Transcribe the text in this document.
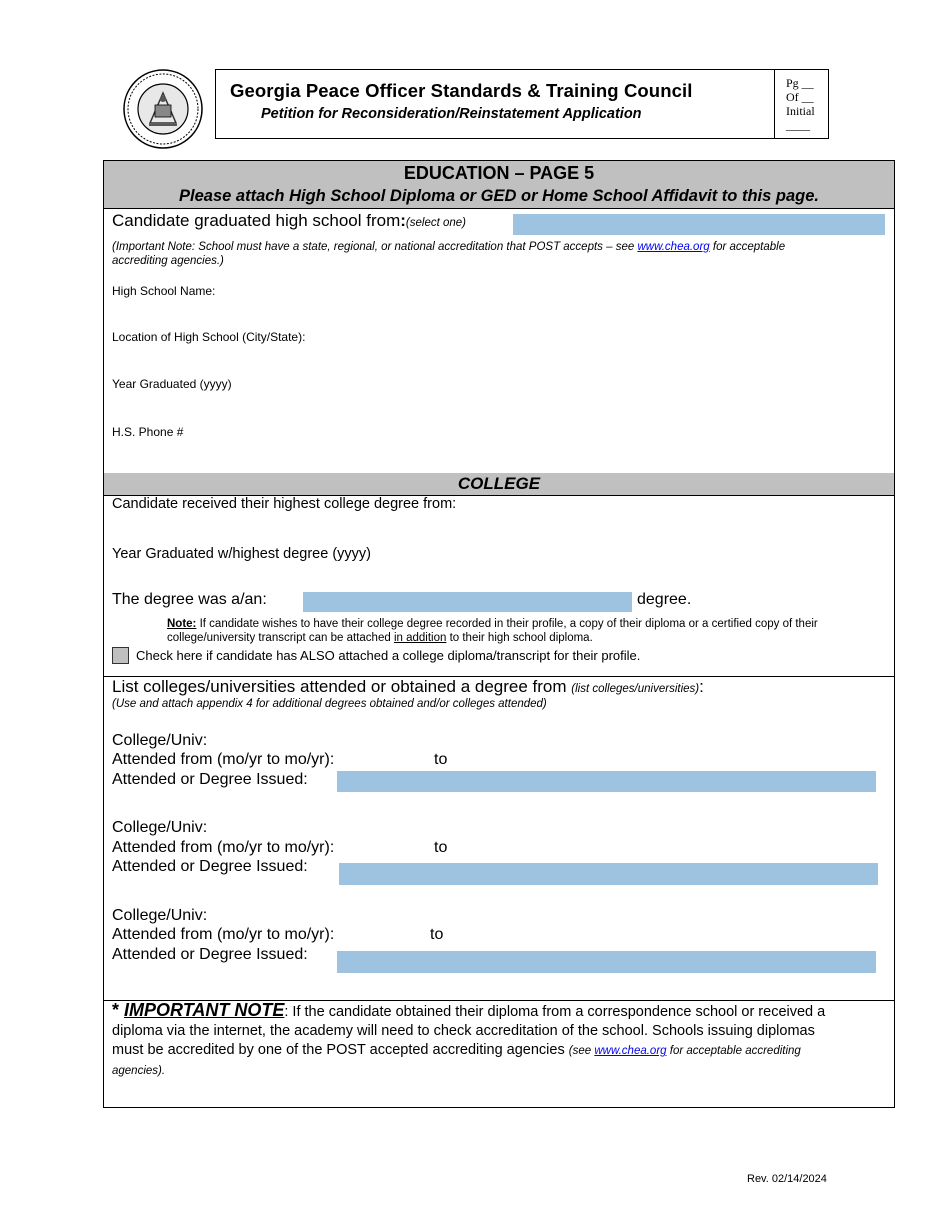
Georgia Peace Officer Standards & Training Council
Petition for Reconsideration/Reinstatement Application
Pg __
Of __
Initial
____
EDUCATION – PAGE 5
Please attach High School Diploma or GED or Home School Affidavit to this page.
Candidate graduated high school from:(select one)
(Important Note: School must have a state, regional, or national accreditation that POST accepts – see www.chea.org for acceptable
accrediting agencies.)
High School Name:
Location of High School (City/State):
Year Graduated (yyyy)
H.S. Phone #
COLLEGE
Candidate received their highest college degree from:
Year Graduated w/highest degree (yyyy)
The degree was a/an:	degree.
Note: If candidate wishes to have their college degree recorded in their profile, a copy of their diploma or a certified copy of their
college/university transcript can be attached in addition to their high school diploma.
Check here if candidate has ALSO attached a college diploma/transcript for their profile.
List colleges/universities attended or obtained a degree from (list colleges/universities):
(Use and attach appendix 4 for additional degrees obtained and/or colleges attended)
College/Univ:
Attended from (mo/yr to mo/yr):	to
Attended or Degree Issued:
College/Univ:
Attended from (mo/yr to mo/yr):	to
Attended or Degree Issued:
College/Univ:
Attended from (mo/yr to mo/yr):	to
Attended or Degree Issued:
* IMPORTANT NOTE: If the candidate obtained their diploma from a correspondence school or received a
diploma via the internet, the academy will need to check accreditation of the school. Schools issuing diplomas
must be accredited by one of the POST accepted accrediting agencies (see www.chea.org for acceptable accrediting
agencies).
Rev. 02/14/2024
